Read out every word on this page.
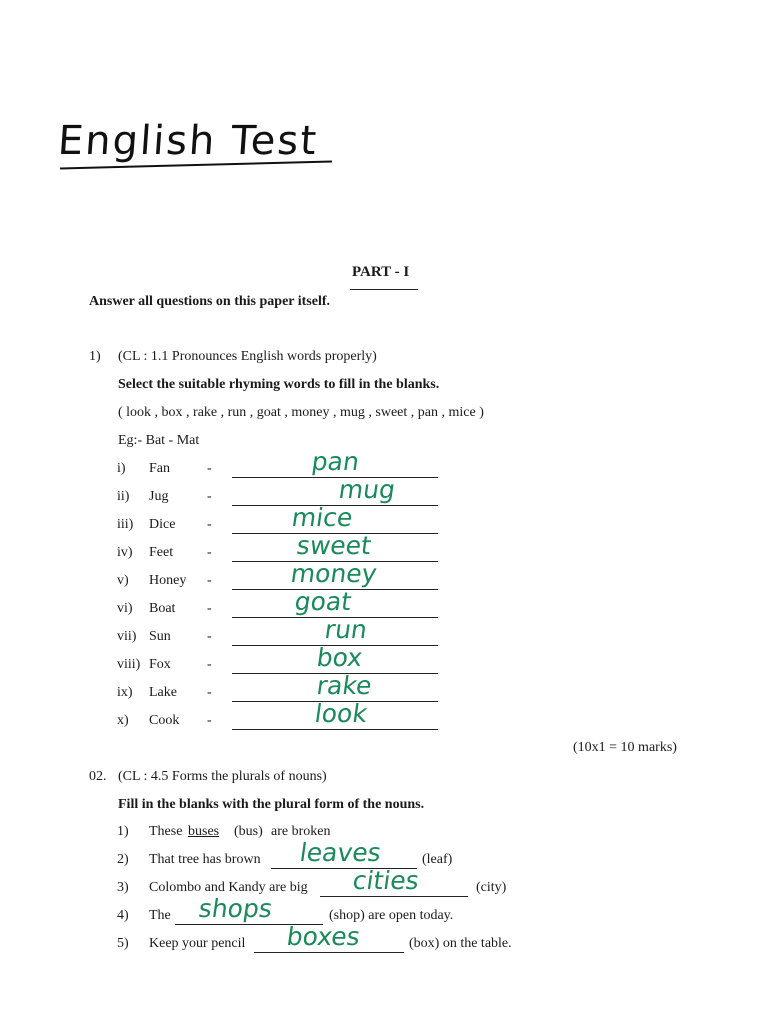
English Test
PART - I
Answer all questions on this paper itself.
1) (CL : 1.1 Pronounces English words properly)
Select the suitable rhyming words to fill in the blanks.
( look , box , rake , run , goat , money , mug , sweet , pan , mice )
Eg:- Bat - Mat
i) Fan	-	pan
ii) Jug	-	mug
iii) Dice -	mice
iv) Feet -	sweet
v) Honey -	money
vi) Boat -	goat
vii) Sun	-	run
viii) Fox	-	box
ix) Lake -	rake
x) Cook -	look
(10x1 = 10 marks)
02. (CL : 4.5 Forms the plurals of nouns)
Fill in the blanks with the plural form of the nouns.
1) These buses (bus) are broken
2) That tree has brown leaves	(leaf)
3) Colombo and Kandy are big cities	(city)
4) The shops	(shop) are open today.
5) Keep your pencil boxes	(box) on the table.
